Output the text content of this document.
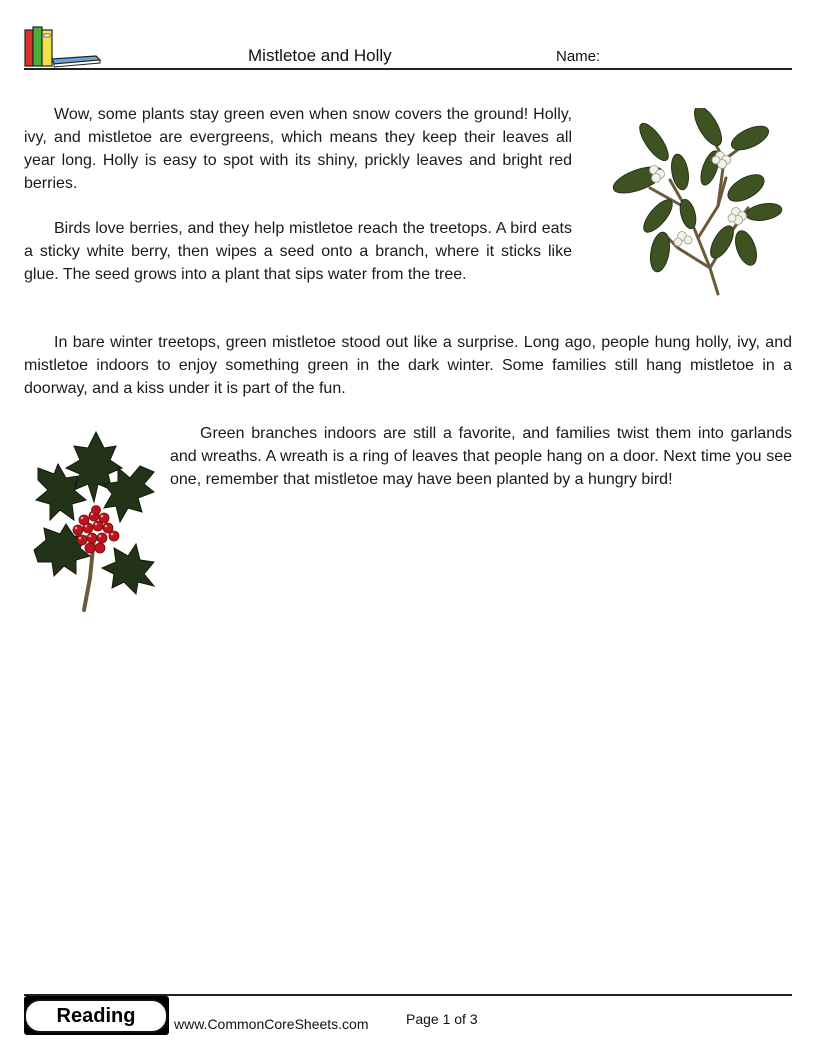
Mistletoe and Holly	Name:

Wow, some plants stay green even when snow covers the ground! Holly, ivy, and mistletoe are evergreens, which means they keep their leaves all year long. Holly is easy to spot with its shiny, prickly leaves and bright red berries.

Birds love berries, and they help mistletoe reach the treetops. A bird eats a sticky white berry, then wipes a seed onto a branch, where it sticks like glue. The seed grows into a plant that sips water from the tree.

In bare winter treetops, green mistletoe stood out like a surprise. Long ago, people hung holly, ivy, and mistletoe indoors to enjoy something green in the dark winter. Some families still hang mistletoe in a doorway, and a kiss under it is part of the fun.

Green branches indoors are still a favorite, and families twist them into garlands and wreaths. A wreath is a ring of leaves that people hang on a door. Next time you see one, remember that mistletoe may have been planted by a hungry bird!

Reading	www.CommonCoreSheets.com	Page 1 of 3
